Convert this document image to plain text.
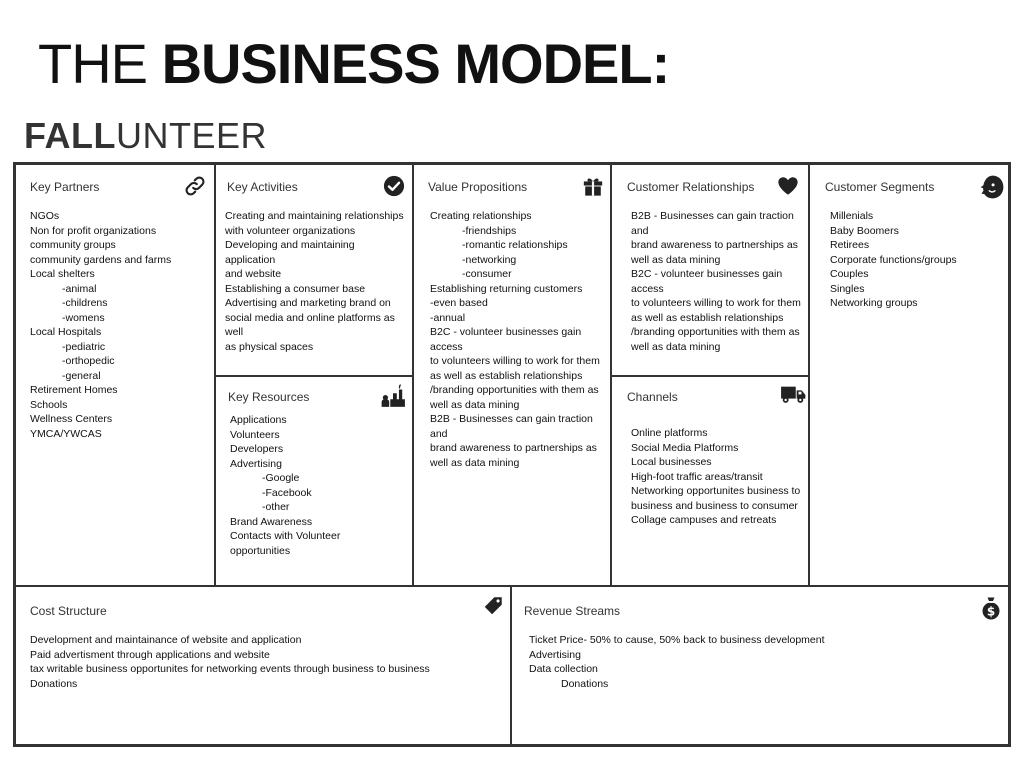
THE BUSINESS MODEL:
FALLUNTEER
Key Partners
NGOs
Non for profit organizations
community groups
community gardens and farms
Local shelters
-animal
-childrens
-womens
Local Hospitals
-pediatric
-orthopedic
-general
Retirement Homes
Schools
Wellness Centers
YMCA/YWCAS
Key Activities
Creating and maintaining relationships
with volunteer organizations
Developing and maintaining application
and website
Establishing a consumer base
Advertising and marketing brand on
social media and online platforms as well
as physical spaces
Key Resources
Applications
Volunteers
Developers
Advertising
-Google
-Facebook
-other
Brand Awareness
Contacts with Volunteer
opportunities
Value Propositions
Creating relationships
-friendships
-romantic relationships
-networking
-consumer
Establishing returning customers
-even based
-annual
B2C - volunteer businesses gain access
to volunteers willing to work for them
as well as establish relationships
/branding opportunities with them as
well as data mining
B2B - Businesses can gain traction and
brand awareness to partnerships as
well as data mining
Customer Relationships
B2B - Businesses can gain traction and
brand awareness to partnerships as
well as data mining
B2C - volunteer businesses gain access
to volunteers willing to work for them
as well as establish relationships
/branding opportunities with them as
well as data mining
Channels
Online platforms
Social Media Platforms
Local businesses
High-foot traffic areas/transit
Networking opportunites business to
business and business to consumer
Collage campuses and retreats
Customer Segments
Millenials
Baby Boomers
Retirees
Corporate functions/groups
Couples
Singles
Networking groups
Cost Structure
Development and maintainance of website and application
Paid advertisment through applications and website
tax writable business opportunites for networking events through business to business
Donations
Revenue Streams	$
Ticket Price- 50% to cause, 50% back to business development
Advertising
Data collection
Donations
